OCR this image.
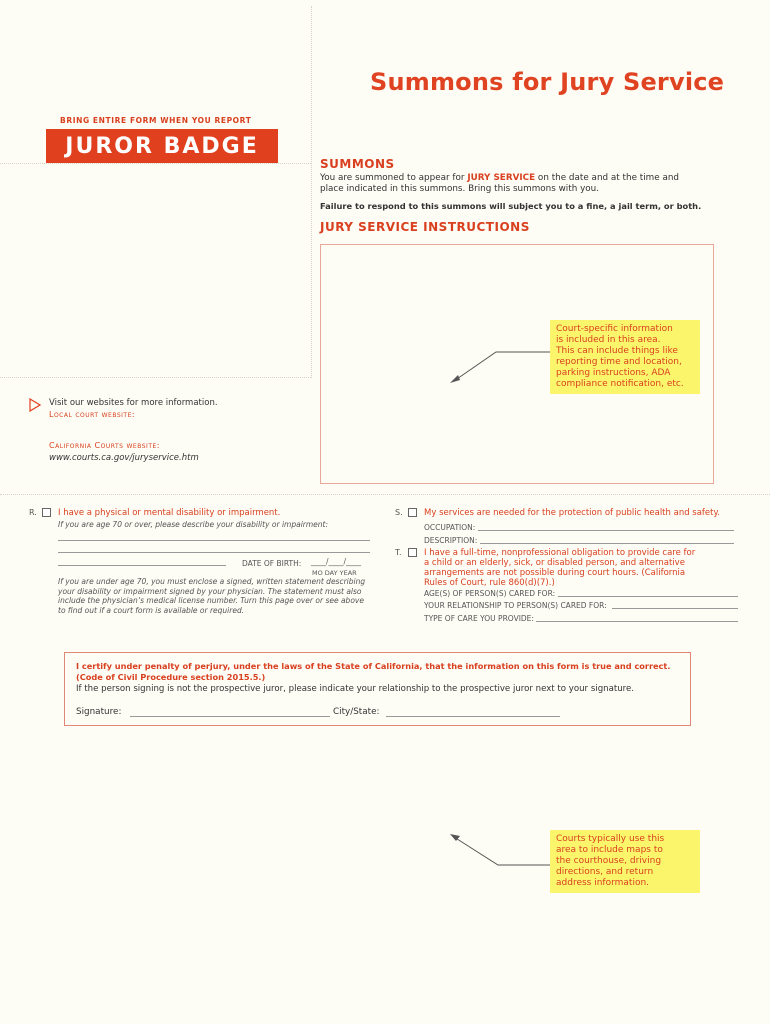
Summons for Jury Service
BRING ENTIRE FORM WHEN YOU REPORT
JUROR BADGE
SUMMONS
You are summoned to appear for JURY SERVICE on the date and at the time and
place indicated in this summons. Bring this summons with you.
Failure to respond to this summons will subject you to a fine, a jail term, or both.
JURY SERVICE INSTRUCTIONS
Court-specific information
is included in this area.
This can include things like
reporting time and location,
parking instructions, ADA
compliance notification, etc.
Visit our websites for more information.
Local court website:
California Courts website:
www.courts.ca.gov/juryservice.htm
R. I have a physical or mental disability or impairment.
If you are age 70 or over, please describe your disability or impairment:
DATE OF BIRTH: ____/____/____
MO DAY YEAR
If you are under age 70, you must enclose a signed, written statement describing
your disability or impairment signed by your physician. The statement must also
include the physician’s medical license number. Turn this page over or see above
to find out if a court form is available or required.
S.	My services are needed for the protection of public health and safety.
OCCUPATION:
DESCRIPTION:
T.	I have a full-time, nonprofessional obligation to provide care for
a child or an elderly, sick, or disabled person, and alternative
arrangements are not possible during court hours. (California
Rules of Court, rule 860(d)(7).)
AGE(S) OF PERSON(S) CARED FOR:
YOUR RELATIONSHIP TO PERSON(S) CARED FOR:
TYPE OF CARE YOU PROVIDE:
I certify under penalty of perjury, under the laws of the State of California, that the information on this form is true and correct.
(Code of Civil Procedure section 2015.5.)
If the person signing is not the prospective juror, please indicate your relationship to the prospective juror next to your signature.
Signature:	City/State:
Courts typically use this
area to include maps to
the courthouse, driving
directions, and return
address information.
